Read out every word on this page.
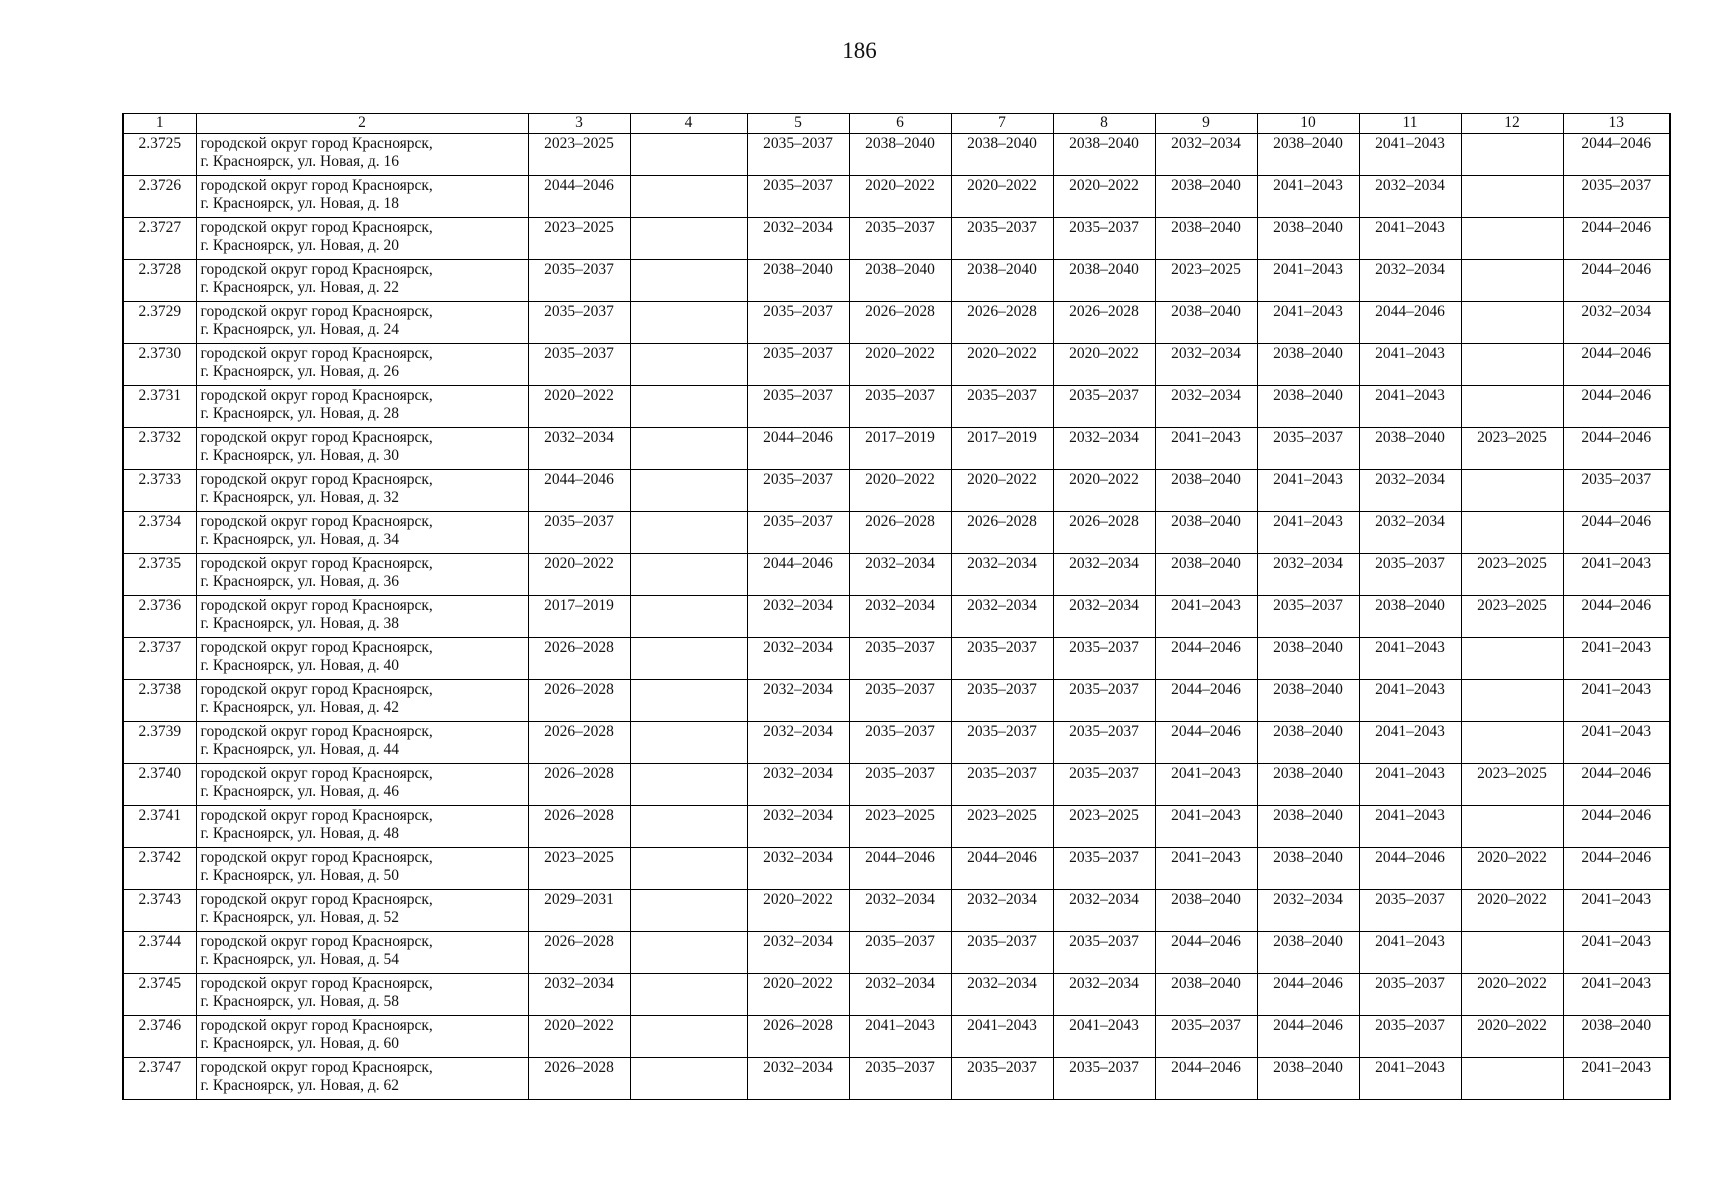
186
1	2	3	4	5	6	7	8	9	10	11	12	13
2.3725	городской округ город Красноярск,
г. Красноярск, ул. Новая, д. 16	2023–2025		2035–2037	2038–2040	2038–2040	2038–2040	2032–2034	2038–2040	2041–2043		2044–2046
2.3726	городской округ город Красноярск,
г. Красноярск, ул. Новая, д. 18	2044–2046		2035–2037	2020–2022	2020–2022	2020–2022	2038–2040	2041–2043	2032–2034		2035–2037
2.3727	городской округ город Красноярск,
г. Красноярск, ул. Новая, д. 20	2023–2025		2032–2034	2035–2037	2035–2037	2035–2037	2038–2040	2038–2040	2041–2043		2044–2046
2.3728	городской округ город Красноярск,
г. Красноярск, ул. Новая, д. 22	2035–2037		2038–2040	2038–2040	2038–2040	2038–2040	2023–2025	2041–2043	2032–2034		2044–2046
2.3729	городской округ город Красноярск,
г. Красноярск, ул. Новая, д. 24	2035–2037		2035–2037	2026–2028	2026–2028	2026–2028	2038–2040	2041–2043	2044–2046		2032–2034
2.3730	городской округ город Красноярск,
г. Красноярск, ул. Новая, д. 26	2035–2037		2035–2037	2020–2022	2020–2022	2020–2022	2032–2034	2038–2040	2041–2043		2044–2046
2.3731	городской округ город Красноярск,
г. Красноярск, ул. Новая, д. 28	2020–2022		2035–2037	2035–2037	2035–2037	2035–2037	2032–2034	2038–2040	2041–2043		2044–2046
2.3732	городской округ город Красноярск,
г. Красноярск, ул. Новая, д. 30	2032–2034		2044–2046	2017–2019	2017–2019	2032–2034	2041–2043	2035–2037	2038–2040	2023–2025	2044–2046
2.3733	городской округ город Красноярск,
г. Красноярск, ул. Новая, д. 32	2044–2046		2035–2037	2020–2022	2020–2022	2020–2022	2038–2040	2041–2043	2032–2034		2035–2037
2.3734	городской округ город Красноярск,
г. Красноярск, ул. Новая, д. 34	2035–2037		2035–2037	2026–2028	2026–2028	2026–2028	2038–2040	2041–2043	2032–2034		2044–2046
2.3735	городской округ город Красноярск,
г. Красноярск, ул. Новая, д. 36	2020–2022		2044–2046	2032–2034	2032–2034	2032–2034	2038–2040	2032–2034	2035–2037	2023–2025	2041–2043
2.3736	городской округ город Красноярск,
г. Красноярск, ул. Новая, д. 38	2017–2019		2032–2034	2032–2034	2032–2034	2032–2034	2041–2043	2035–2037	2038–2040	2023–2025	2044–2046
2.3737	городской округ город Красноярск,
г. Красноярск, ул. Новая, д. 40	2026–2028		2032–2034	2035–2037	2035–2037	2035–2037	2044–2046	2038–2040	2041–2043		2041–2043
2.3738	городской округ город Красноярск,
г. Красноярск, ул. Новая, д. 42	2026–2028		2032–2034	2035–2037	2035–2037	2035–2037	2044–2046	2038–2040	2041–2043		2041–2043
2.3739	городской округ город Красноярск,
г. Красноярск, ул. Новая, д. 44	2026–2028		2032–2034	2035–2037	2035–2037	2035–2037	2044–2046	2038–2040	2041–2043		2041–2043
2.3740	городской округ город Красноярск,
г. Красноярск, ул. Новая, д. 46	2026–2028		2032–2034	2035–2037	2035–2037	2035–2037	2041–2043	2038–2040	2041–2043	2023–2025	2044–2046
2.3741	городской округ город Красноярск,
г. Красноярск, ул. Новая, д. 48	2026–2028		2032–2034	2023–2025	2023–2025	2023–2025	2041–2043	2038–2040	2041–2043		2044–2046
2.3742	городской округ город Красноярск,
г. Красноярск, ул. Новая, д. 50	2023–2025		2032–2034	2044–2046	2044–2046	2035–2037	2041–2043	2038–2040	2044–2046	2020–2022	2044–2046
2.3743	городской округ город Красноярск,
г. Красноярск, ул. Новая, д. 52	2029–2031		2020–2022	2032–2034	2032–2034	2032–2034	2038–2040	2032–2034	2035–2037	2020–2022	2041–2043
2.3744	городской округ город Красноярск,
г. Красноярск, ул. Новая, д. 54	2026–2028		2032–2034	2035–2037	2035–2037	2035–2037	2044–2046	2038–2040	2041–2043		2041–2043
2.3745	городской округ город Красноярск,
г. Красноярск, ул. Новая, д. 58	2032–2034		2020–2022	2032–2034	2032–2034	2032–2034	2038–2040	2044–2046	2035–2037	2020–2022	2041–2043
2.3746	городской округ город Красноярск,
г. Красноярск, ул. Новая, д. 60	2020–2022		2026–2028	2041–2043	2041–2043	2041–2043	2035–2037	2044–2046	2035–2037	2020–2022	2038–2040
2.3747	городской округ город Красноярск,
г. Красноярск, ул. Новая, д. 62	2026–2028		2032–2034	2035–2037	2035–2037	2035–2037	2044–2046	2038–2040	2041–2043		2041–2043
